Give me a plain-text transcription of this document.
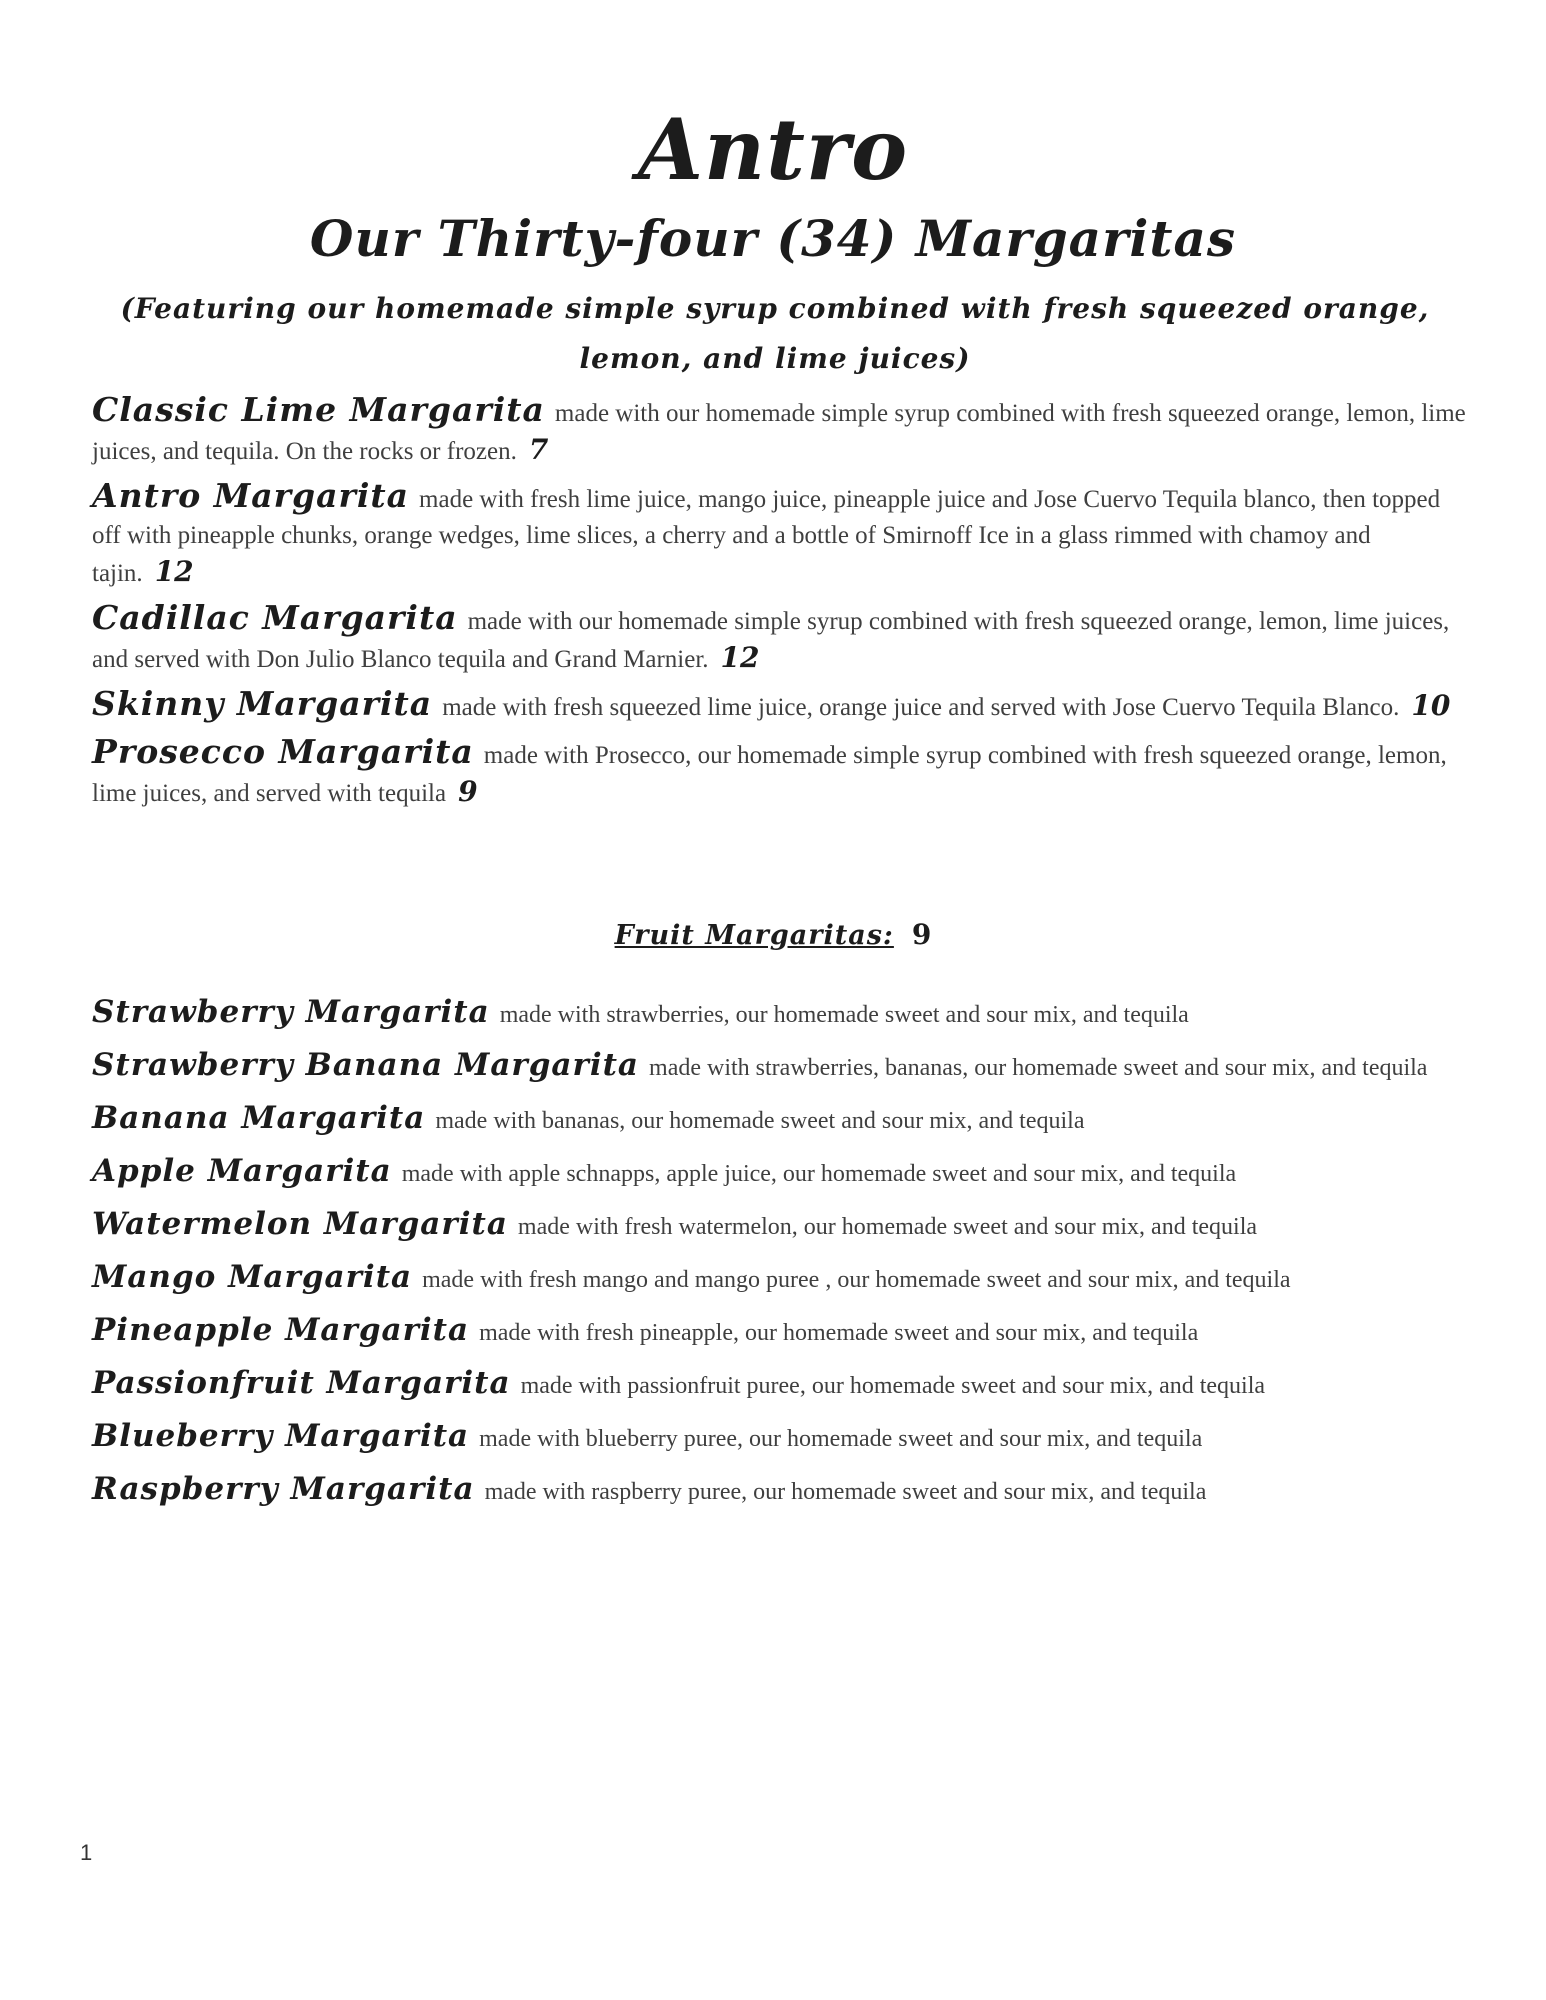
Antro
Our Thirty-four (34) Margaritas
(Featuring our homemade simple syrup combined with fresh squeezed orange, lemon, and lime juices)
Classic Lime Margarita made with our homemade simple syrup combined with fresh squeezed orange, lemon, lime juices, and tequila. On the rocks or frozen. 7
Antro Margarita made with fresh lime juice, mango juice, pineapple juice and Jose Cuervo Tequila blanco, then topped off with pineapple chunks, orange wedges, lime slices, a cherry and a bottle of Smirnoff Ice in a glass rimmed with chamoy and tajin. 12
Cadillac Margarita made with our homemade simple syrup combined with fresh squeezed orange, lemon, lime juices, and served with Don Julio Blanco tequila and Grand Marnier. 12
Skinny Margarita made with fresh squeezed lime juice, orange juice and served with Jose Cuervo Tequila Blanco. 10
Prosecco Margarita made with Prosecco, our homemade simple syrup combined with fresh squeezed orange, lemon, lime juices, and served with tequila 9
Fruit Margaritas: 9
Strawberry Margarita made with strawberries, our homemade sweet and sour mix, and tequila
Strawberry Banana Margarita made with strawberries, bananas, our homemade sweet and sour mix, and tequila
Banana Margarita made with bananas, our homemade sweet and sour mix, and tequila
Apple Margarita made with apple schnapps, apple juice, our homemade sweet and sour mix, and tequila
Watermelon Margarita made with fresh watermelon, our homemade sweet and sour mix, and tequila
Mango Margarita made with fresh mango and mango puree , our homemade sweet and sour mix, and tequila
Pineapple Margarita made with fresh pineapple, our homemade sweet and sour mix, and tequila
Passionfruit Margarita made with passionfruit puree, our homemade sweet and sour mix, and tequila
Blueberry Margarita made with blueberry puree, our homemade sweet and sour mix, and tequila
Raspberry Margarita made with raspberry puree, our homemade sweet and sour mix, and tequila
1
